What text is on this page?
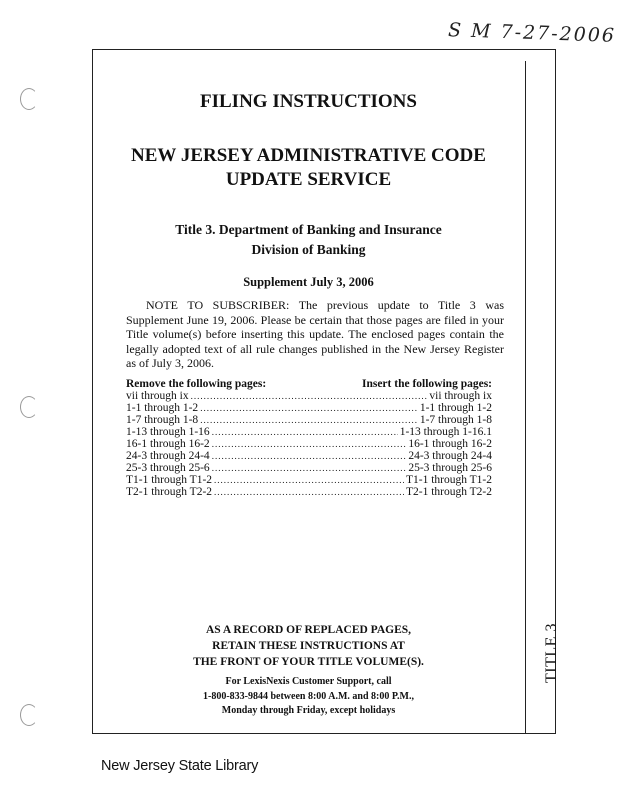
S M 7-27-2006
TITLE 3
FILING INSTRUCTIONS
NEW JERSEY ADMINISTRATIVE CODE
UPDATE SERVICE
Title 3. Department of Banking and Insurance
Division of Banking
Supplement July 3, 2006
NOTE TO SUBSCRIBER: The previous update to Title 3 was Supplement June 19, 2006. Please be certain that those pages are filed in your Title volume(s) before inserting this update. The enclosed pages contain the legally adopted text of all rule changes published in the New Jersey Register as of July 3, 2006.
Remove the following pages:	Insert the following pages:
vii through ix .....	vii through ix
1-1 through 1-2 .....	1-1 through 1-2
1-7 through 1-8 .....	1-7 through 1-8
1-13 through 1-16 .....	1-13 through 1-16.1
16-1 through 16-2 .....	16-1 through 16-2
24-3 through 24-4 .....	24-3 through 24-4
25-3 through 25-6 .....	25-3 through 25-6
T1-1 through T1-2 .....	T1-1 through T1-2
T2-1 through T2-2 .....	T2-1 through T2-2
AS A RECORD OF REPLACED PAGES,
RETAIN THESE INSTRUCTIONS AT
THE FRONT OF YOUR TITLE VOLUME(S).
For LexisNexis Customer Support, call
1-800-833-9844 between 8:00 A.M. and 8:00 P.M.,
Monday through Friday, except holidays
New Jersey State Library
